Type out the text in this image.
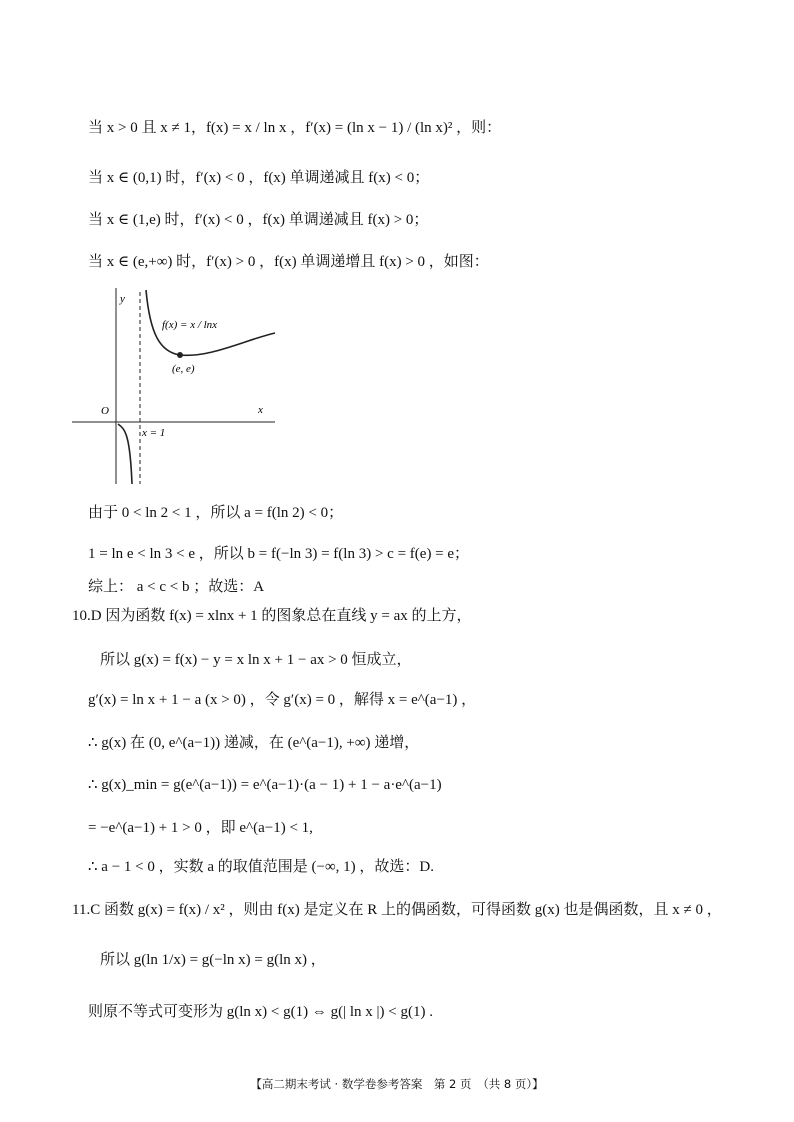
当 x > 0 且 x ≠ 1，f(x) = x / ln x ，f′(x) = (ln x − 1) / (ln x)² ，则：
当 x ∈ (0,1) 时，f′(x) < 0 ，f(x) 单调递减且 f(x) < 0；
当 x ∈ (1,e) 时，f′(x) < 0 ，f(x) 单调递减且 f(x) > 0；
当 x ∈ (e,+∞) 时，f′(x) > 0 ，f(x) 单调递增且 f(x) > 0 ，如图：
y
x
O
f(x) = x / lnx
(e, e)
x = 1
由于 0 < ln 2 < 1 ，所以 a = f(ln 2) < 0；
1 = ln e < ln 3 < e ，所以 b = f(−ln 3) = f(ln 3) > c = f(e) = e；
综上： a < c < b ；故选：A
10.D 因为函数 f(x) = xlnx + 1 的图象总在直线 y = ax 的上方，
所以 g(x) = f(x) − y = x ln x + 1 − ax > 0 恒成立，
g′(x) = ln x + 1 − a (x > 0) ，令 g′(x) = 0 ，解得 x = e^(a−1) ，
∴ g(x) 在 (0, e^(a−1)) 递减，在 (e^(a−1), +∞) 递增，
∴ g(x)_min = g(e^(a−1)) = e^(a−1)·(a − 1) + 1 − a·e^(a−1)
= −e^(a−1) + 1 > 0 ，即 e^(a−1) < 1,
∴ a − 1 < 0 ，实数 a 的取值范围是 (−∞, 1) ，故选：D.
11.C 函数 g(x) = f(x) / x² ，则由 f(x) 是定义在 R 上的偶函数，可得函数 g(x) 也是偶函数，且 x ≠ 0 ，
所以 g(ln 1/x) = g(−ln x) = g(ln x) ，
则原不等式可变形为 g(ln x) < g(1) ⇔ g(| ln x |) < g(1) .
【高二期末考试 · 数学卷参考答案　第 2 页　（共 8 页）】
